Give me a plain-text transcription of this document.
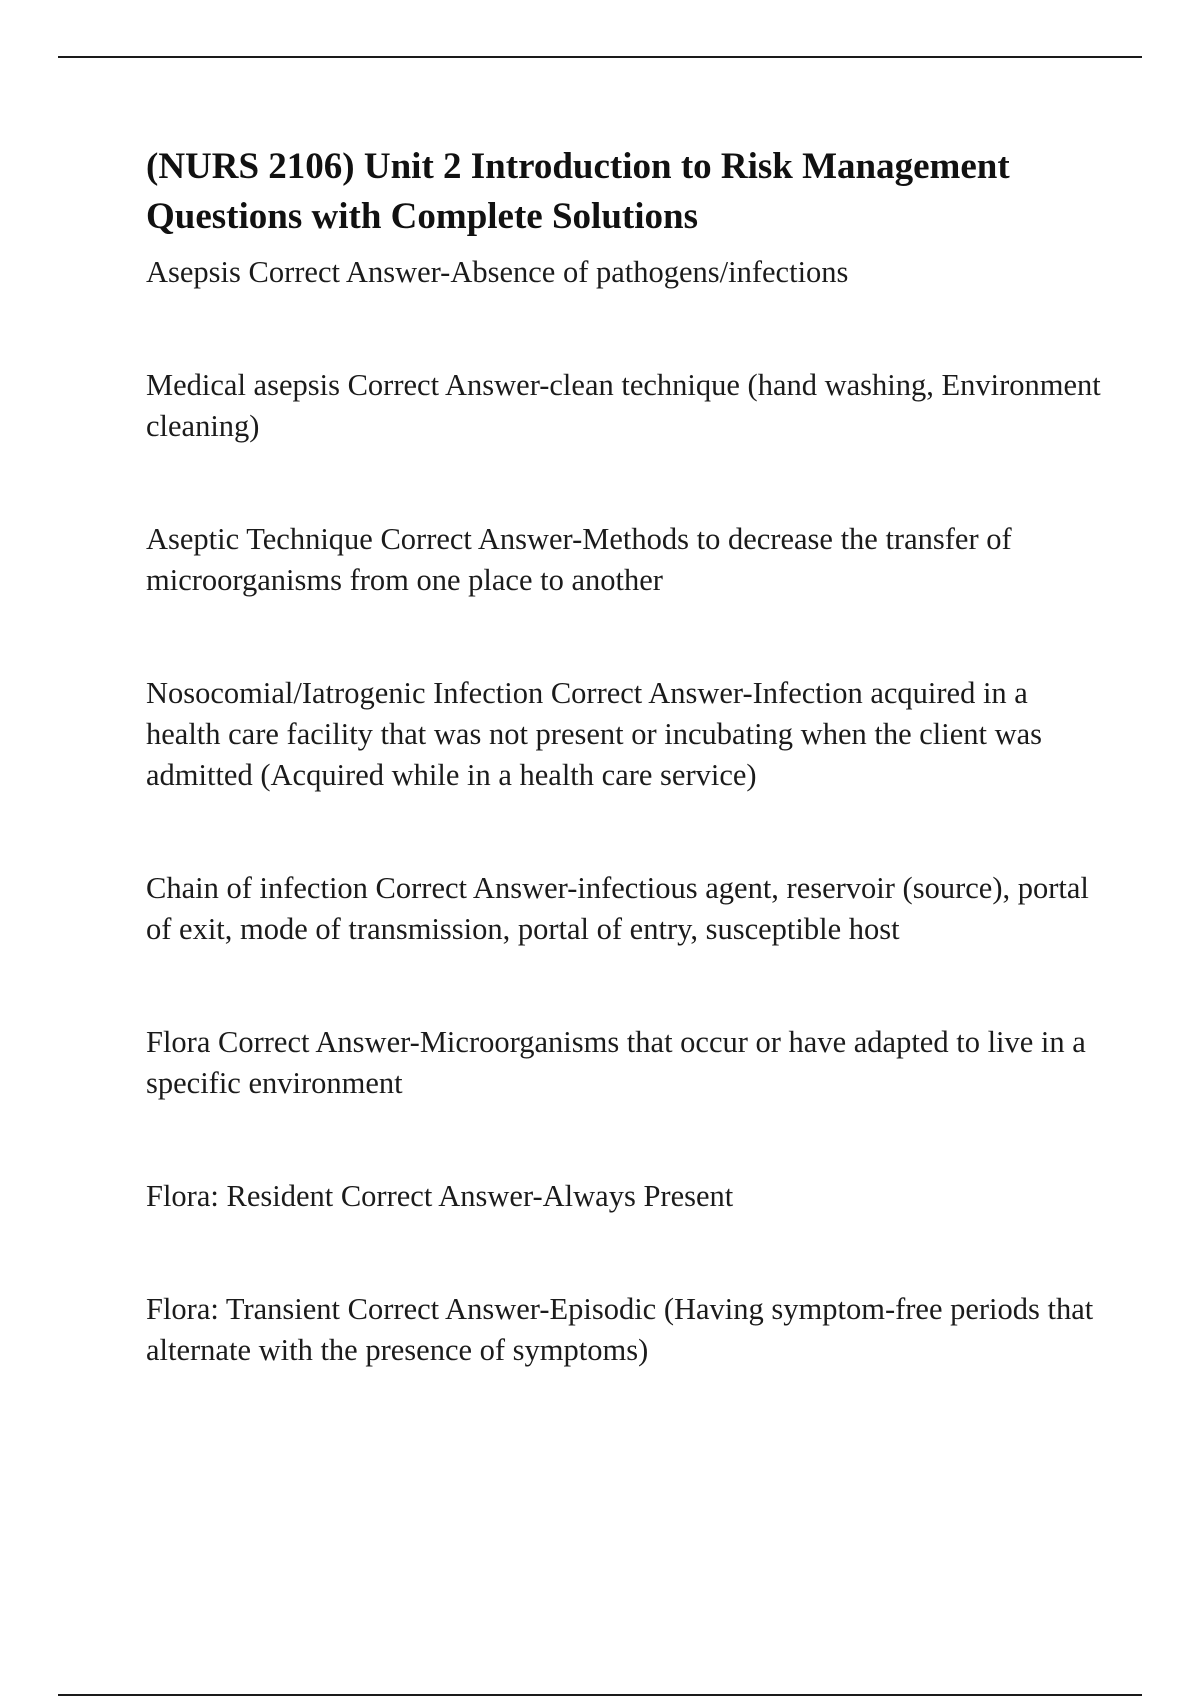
(NURS 2106) Unit 2 Introduction to Risk Management Questions with Complete Solutions

Asepsis Correct Answer-Absence of pathogens/infections

Medical asepsis Correct Answer-clean technique (hand washing, Environment cleaning)

Aseptic Technique Correct Answer-Methods to decrease the transfer of microorganisms from one place to another

Nosocomial/Iatrogenic Infection Correct Answer-Infection acquired in a health care facility that was not present or incubating when the client was admitted (Acquired while in a health care service)

Chain of infection Correct Answer-infectious agent, reservoir (source), portal of exit, mode of transmission, portal of entry, susceptible host

Flora Correct Answer-Microorganisms that occur or have adapted to live in a specific environment

Flora: Resident Correct Answer-Always Present

Flora: Transient Correct Answer-Episodic (Having symptom-free periods that alternate with the presence of symptoms)
